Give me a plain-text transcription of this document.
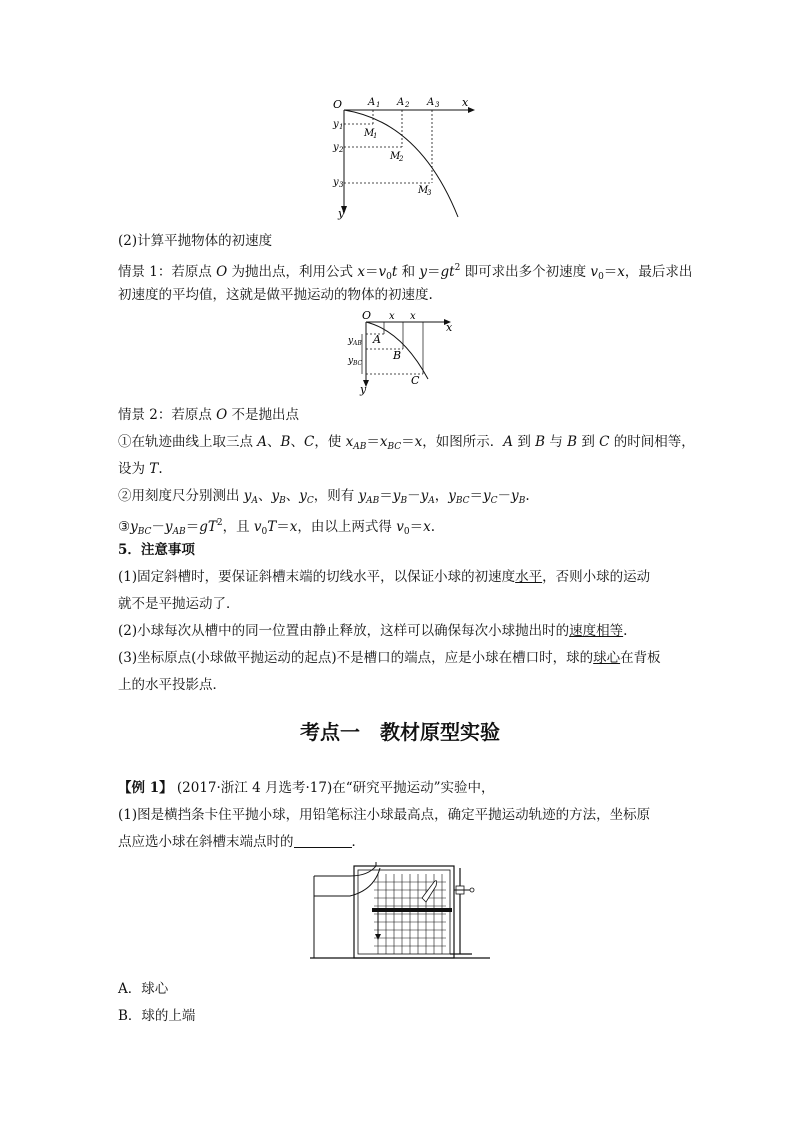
O	x
y
A 1 A 2 A 3
y 1
y 2
y 3
M
1
M
2
M
3
(2)计算平抛物体的初速度
情景 1：若原点 O 为抛出点，利用公式 $x=v_0t$ 和 $y=gt^2$ 即可求出多个初速度 $v_0=x$，最后求出
初速度的平均值，这就是做平抛运动的物体的初速度.
O
x
x x
y
A
B
C
y AB
y BC
情景 2：若原点 O 不是抛出点
①在轨迹曲线上取三点 A、B、C，使 $x_{AB}=x_{BC}=x$，如图所示．A 到 B 与 B 到 C 的时间相等，
设为 T.
②用刻度尺分别测出 $y_A$、$y_B$、$y_C$，则有 $y_{AB}=y_B-y_A$，$y_{BC}=y_C-y_B$.
$③y_{BC}-y_{AB}=gT^2$，且 $v_0T=x$，由以上两式得 $v_0=x$.
5．注意事项
(1)固定斜槽时，要保证斜槽末端的切线水平，以保证小球的初速度水平，否则小球的运动
就不是平抛运动了．
(2)小球每次从槽中的同一位置由静止释放，这样可以确保每次小球抛出时的速度相等.
(3)坐标原点(小球做平抛运动的起点)不是槽口的端点，应是小球在槽口时，球的球心在背板
上的水平投影点．
考点一　教材原型实验
【例 1】 (2017·浙江 4 月选考·17)在“研究平抛运动”实验中，
(1)图是横挡条卡住平抛小球，用铅笔标注小球最高点，确定平抛运动轨迹的方法，坐标原
点应选小球在斜槽末端点时的	．
A．球心
B．球的上端
